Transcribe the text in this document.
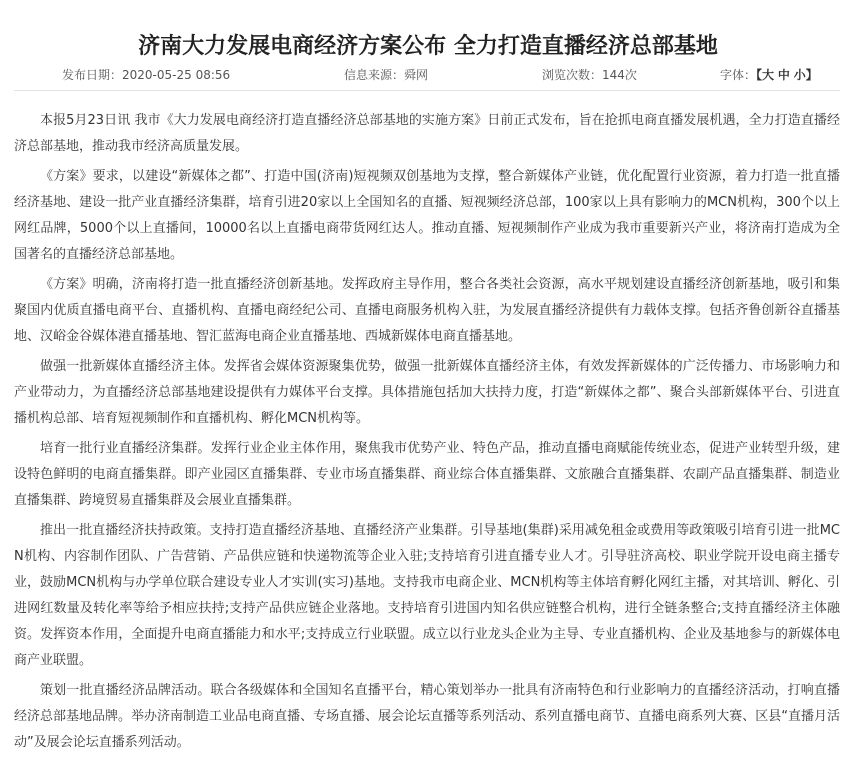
济南大力发展电商经济方案公布 全力打造直播经济总部基地
发布日期：2020-05-25 08:56	信息来源：舜网	浏览次数：144次	字体：【大 中 小】

本报5月23日讯 我市《大力发展电商经济打造直播经济总部基地的实施方案》日前正式发布，旨在抢抓电商直播发展机遇，全力打造直播经济总部基地，推动我市经济高质量发展。

《方案》要求，以建设“新媒体之都”、打造中国(济南)短视频双创基地为支撑，整合新媒体产业链，优化配置行业资源，着力打造一批直播经济基地、建设一批产业直播经济集群，培育引进20家以上全国知名的直播、短视频经济总部，100家以上具有影响力的MCN机构，300个以上网红品牌，5000个以上直播间，10000名以上直播电商带货网红达人。推动直播、短视频制作产业成为我市重要新兴产业，将济南打造成为全国著名的直播经济总部基地。

《方案》明确，济南将打造一批直播经济创新基地。发挥政府主导作用，整合各类社会资源，高水平规划建设直播经济创新基地，吸引和集聚国内优质直播电商平台、直播机构、直播电商经纪公司、直播电商服务机构入驻，为发展直播经济提供有力载体支撑。包括齐鲁创新谷直播基地、汉峪金谷媒体港直播基地、智汇蓝海电商企业直播基地、西城新媒体电商直播基地。

做强一批新媒体直播经济主体。发挥省会媒体资源聚集优势，做强一批新媒体直播经济主体，有效发挥新媒体的广泛传播力、市场影响力和产业带动力，为直播经济总部基地建设提供有力媒体平台支撑。具体措施包括加大扶持力度，打造“新媒体之都”、聚合头部新媒体平台、引进直播机构总部、培育短视频制作和直播机构、孵化MCN机构等。

培育一批行业直播经济集群。发挥行业企业主体作用，聚焦我市优势产业、特色产品，推动直播电商赋能传统业态，促进产业转型升级，建设特色鲜明的电商直播集群。即产业园区直播集群、专业市场直播集群、商业综合体直播集群、文旅融合直播集群、农副产品直播集群、制造业直播集群、跨境贸易直播集群及会展业直播集群。

推出一批直播经济扶持政策。支持打造直播经济基地、直播经济产业集群。引导基地(集群)采用减免租金或费用等政策吸引培育引进一批MCN机构、内容制作团队、广告营销、产品供应链和快递物流等企业入驻;支持培育引进直播专业人才。引导驻济高校、职业学院开设电商主播专业，鼓励MCN机构与办学单位联合建设专业人才实训(实习)基地。支持我市电商企业、MCN机构等主体培育孵化网红主播，对其培训、孵化、引进网红数量及转化率等给予相应扶持;支持产品供应链企业落地。支持培育引进国内知名供应链整合机构，进行全链条整合;支持直播经济主体融资。发挥资本作用，全面提升电商直播能力和水平;支持成立行业联盟。成立以行业龙头企业为主导、专业直播机构、企业及基地参与的新媒体电商产业联盟。

策划一批直播经济品牌活动。联合各级媒体和全国知名直播平台，精心策划举办一批具有济南特色和行业影响力的直播经济活动，打响直播经济总部基地品牌。举办济南制造工业品电商直播、专场直播、展会论坛直播等系列活动、系列直播电商节、直播电商系列大赛、区县“直播月活动”及展会论坛直播系列活动。
